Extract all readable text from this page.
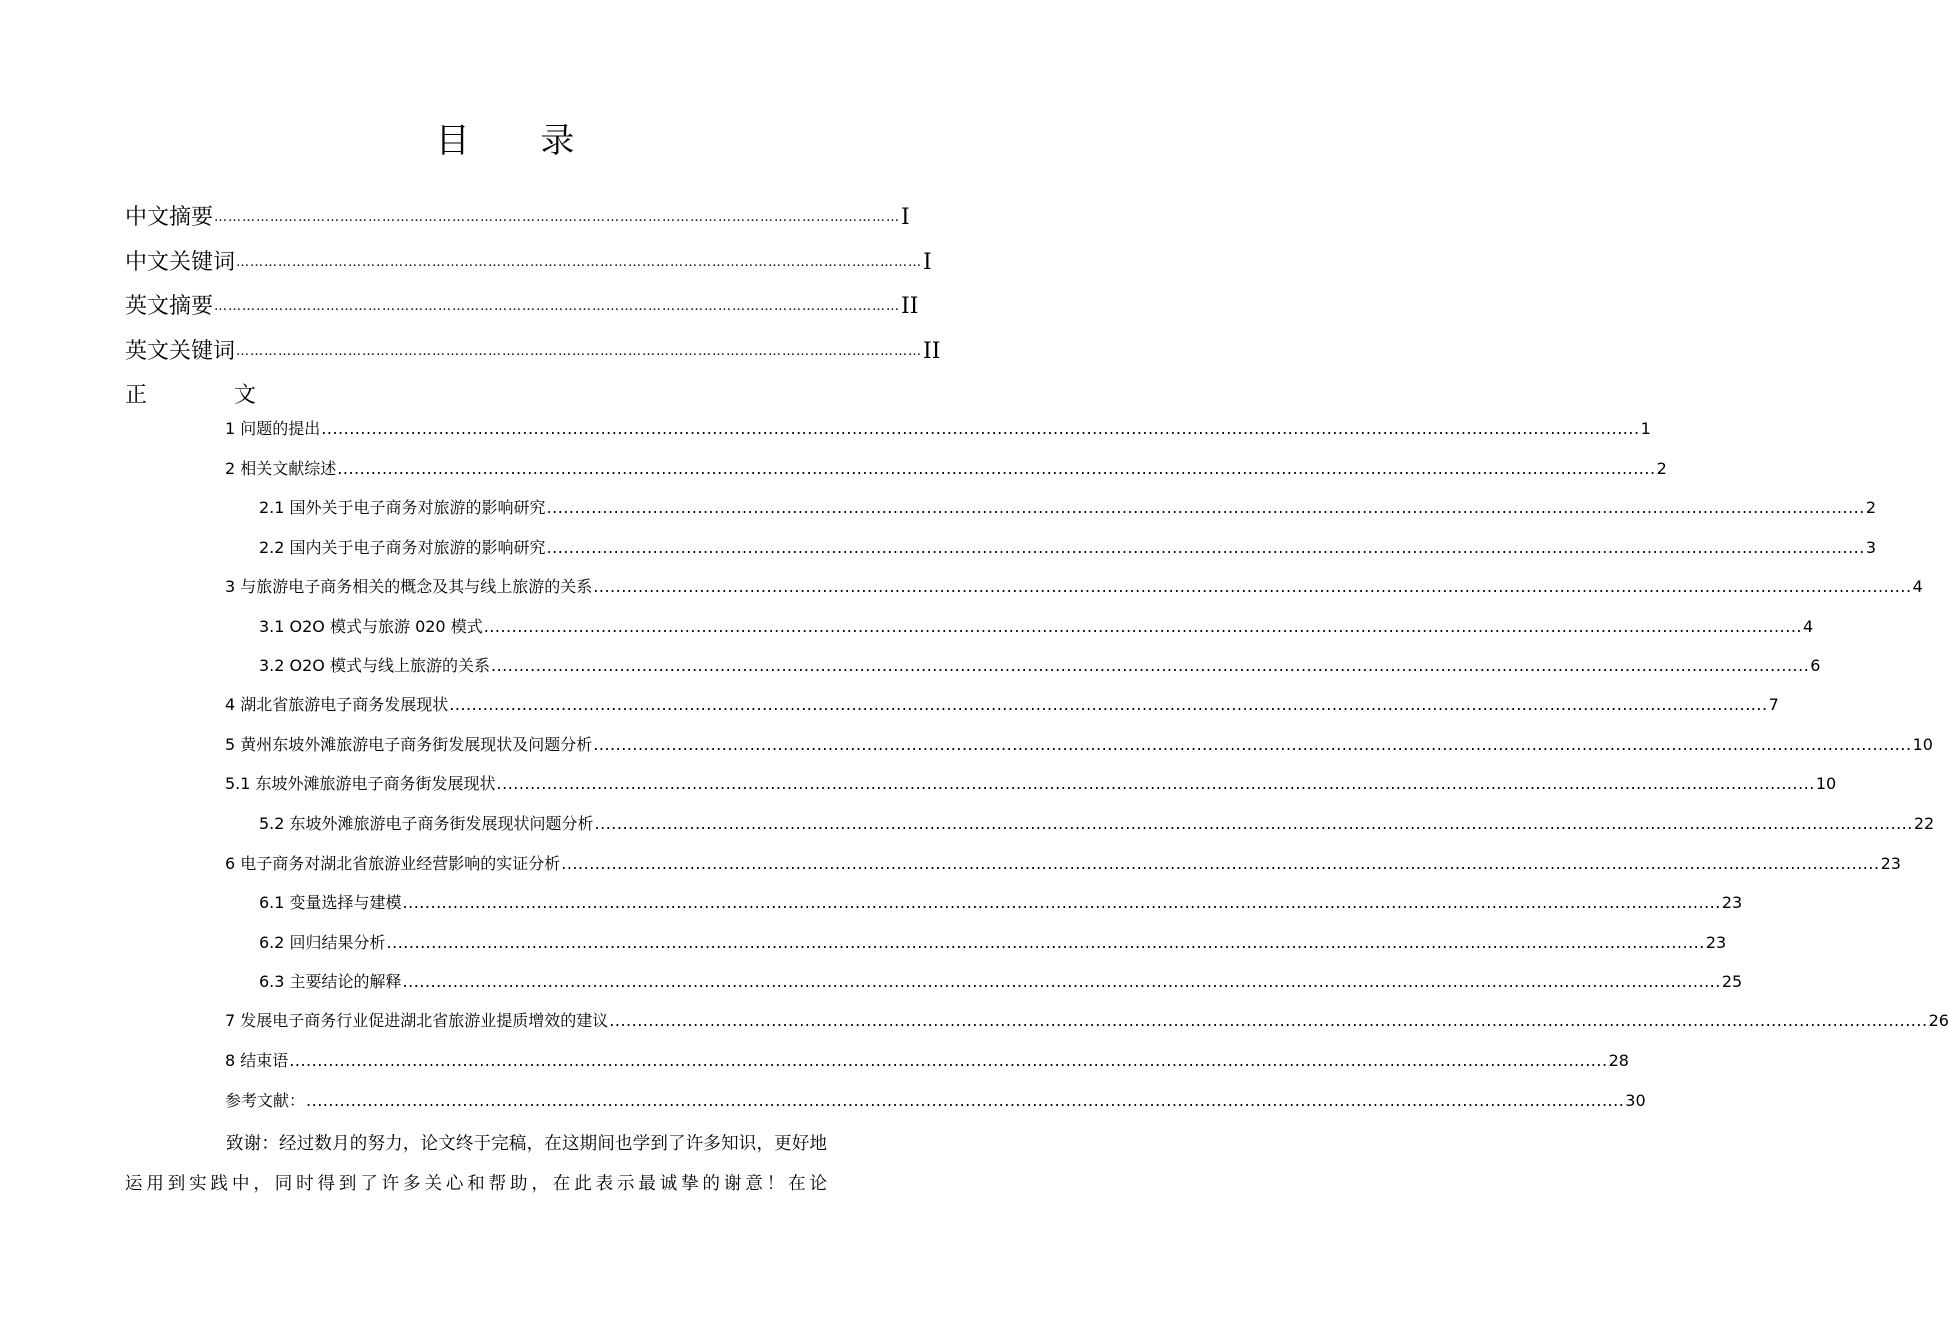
目 录
中文摘要 ………………………………………………………………………………………………………………………………… I
中文关键词 ………………………………………………………………………………………………………………………………… I
英文摘要 ………………………………………………………………………………………………………………………………… II
英文关键词 ………………………………………………………………………………………………………………………………… II
正 文
1 问题的提出 ............................................................................................................................................................................................................................................ 1
2 相关文献综述 ............................................................................................................................................................................................................................................ 2
2.1 国外关于电子商务对旅游的影响研究 ............................................................................................................................................................................................................................................ 2
2.2 国内关于电子商务对旅游的影响研究 ............................................................................................................................................................................................................................................ 3
3 与旅游电子商务相关的概念及其与线上旅游的关系 ............................................................................................................................................................................................................................................ 4
3.1 O2O 模式与旅游 020 模式 ............................................................................................................................................................................................................................................ 4
3.2 O2O 模式与线上旅游的关系 ............................................................................................................................................................................................................................................ 6
4 湖北省旅游电子商务发展现状 ............................................................................................................................................................................................................................................ 7
5 黄州东坡外滩旅游电子商务街发展现状及问题分析 ............................................................................................................................................................................................................................................ 10
5.1 东坡外滩旅游电子商务街发展现状 ............................................................................................................................................................................................................................................ 10
5.2 东坡外滩旅游电子商务街发展现状问题分析 ............................................................................................................................................................................................................................................ 22
6 电子商务对湖北省旅游业经营影响的实证分析 ............................................................................................................................................................................................................................................ 23
6.1 变量选择与建模 ............................................................................................................................................................................................................................................ 23
6.2 回归结果分析 ............................................................................................................................................................................................................................................ 23
6.3 主要结论的解释 ............................................................................................................................................................................................................................................ 25
7 发展电子商务行业促进湖北省旅游业提质增效的建议 ............................................................................................................................................................................................................................................ 26
8 结束语 ............................................................................................................................................................................................................................................ 28
参考文献： ............................................................................................................................................................................................................................................ 30
致谢：经过数月的努力，论文终于完稿，在这期间也学到了许多知识，更好地运用到实践中，同时得到了许多关心和帮助，在此表示最诚挚的谢意！在论
